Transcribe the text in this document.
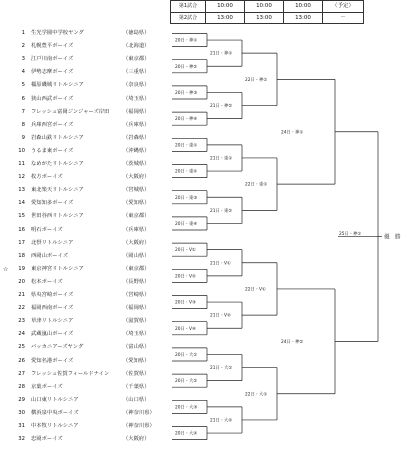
第1試合	10:00	10:00	10:00	（予定）
第2試合	13:00	13:00	13:00	－
1 生光学園中学校ヤング	（徳島県）
2 札幌豊平ボーイズ	（北海道）
3 江戸川南ボーイズ	（東京都）
4 伊勢志摩ボーイズ	（三重県）
5 橿原磯城リトルシニア	（奈良県）
6 狭山西武ボーイズ	（埼玉県）
7 フレッシュ富岡ジンジャーズ岸田	（福岡県）
8 兵庫西宮ボーイズ	（兵庫県）
9 岩森山鉄リトルシニア	（岩森県）
10 うるま東ボーイズ	（沖縄県）
11 なめがたリトルシニア	（茨城県）
12 枚方ボーイズ	（大阪府）
13 東北楽天リトルシニア	（宮城県）
14 愛知知多ボーイズ	（愛知県）
15 世田谷西リトルシニア	（東京都）
16 明石ボーイズ	（兵庫県）
17 北摂リトルシニア	（大阪府）
18 西岡山ボーイズ	（岡山県）
☆	19 東京神宮リトルシニア	（東京都）
20 松本ボーイズ	（長野県）
21 県央宮崎ボーイズ	（宮崎県）
22 福岡西南ボーイズ	（福岡県）
23 草津リトルシニア	（滋賀県）
24 武蔵嵐山ボーイズ	（埼玉県）
25 バッカニアーズヤング	（富山県）
26 愛知名港ボーイズ	（愛知県）
27 フレッシュ佐賀フィールドナイン	（佐賀県）
28 京葉ボーイズ	（千葉県）
29 山口東リトルシニア	（山口県）
30 横浜泉中央ボーイズ	（神奈川県）
31 中本牧リトルシニア	（神奈川県）
32 忠岡ボーイズ	（大阪府）
20日・神①
20日・神②
20日・神③
20日・神④
20日・東①
20日・東②
20日・東③
20日・東④
20日・V①
20日・V②
20日・V③
20日・V④
20日・大①
20日・大②
20日・大③
20日・大④
21日・神①
21日・神②
21日・東①
21日・東②
21日・V①
21日・V②
21日・大①
21日・大②
22日・神①
22日・東①
22日・V①
22日・大①
24日・神①
24日・神②
25日・神①	優　勝
